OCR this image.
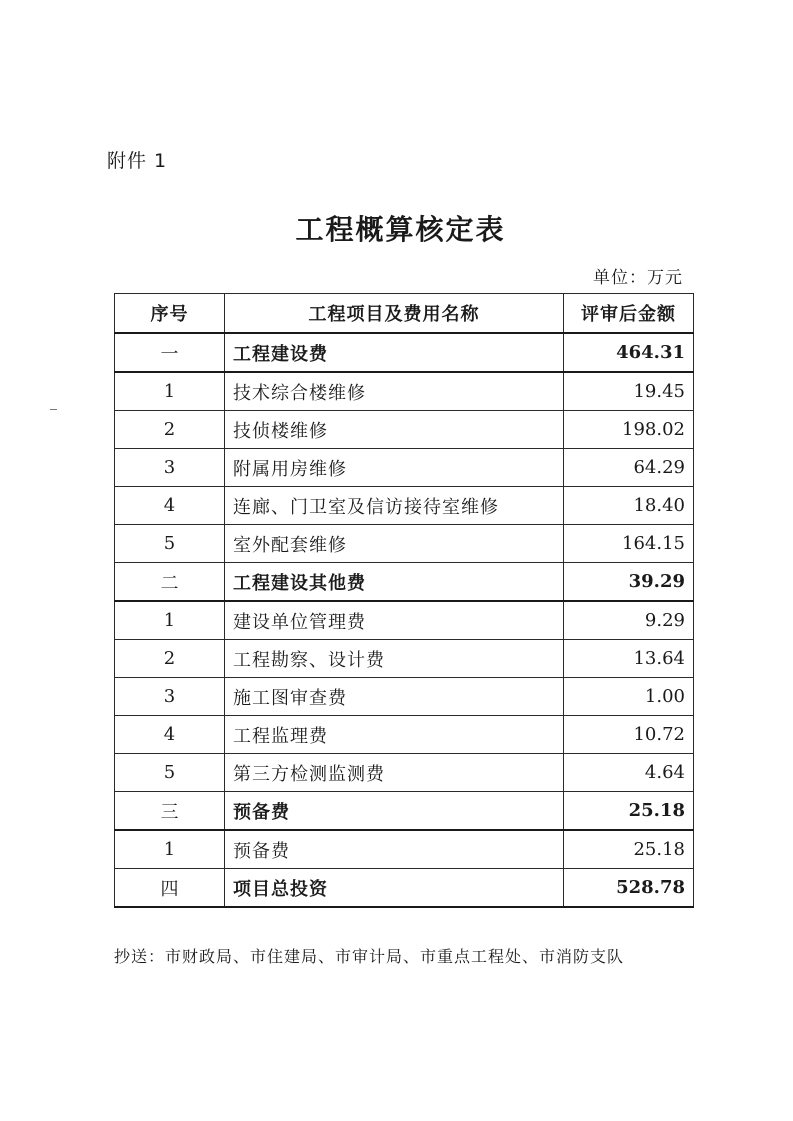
附件 1
工程概算核定表
单位：万元
序号	工程项目及费用名称	评审后金额
一	工程建设费	464.31
1	技术综合楼维修	19.45
2	技侦楼维修	198.02
3	附属用房维修	64.29
4	连廊、门卫室及信访接待室维修	18.40
5	室外配套维修	164.15
二	工程建设其他费	39.29
1	建设单位管理费	9.29
2	工程勘察、设计费	13.64
3	施工图审查费	1.00
4	工程监理费	10.72
5	第三方检测监测费	4.64
三	预备费	25.18
1	预备费	25.18
四	项目总投资	528.78
抄送：市财政局、市住建局、市审计局、市重点工程处、市消防支队
